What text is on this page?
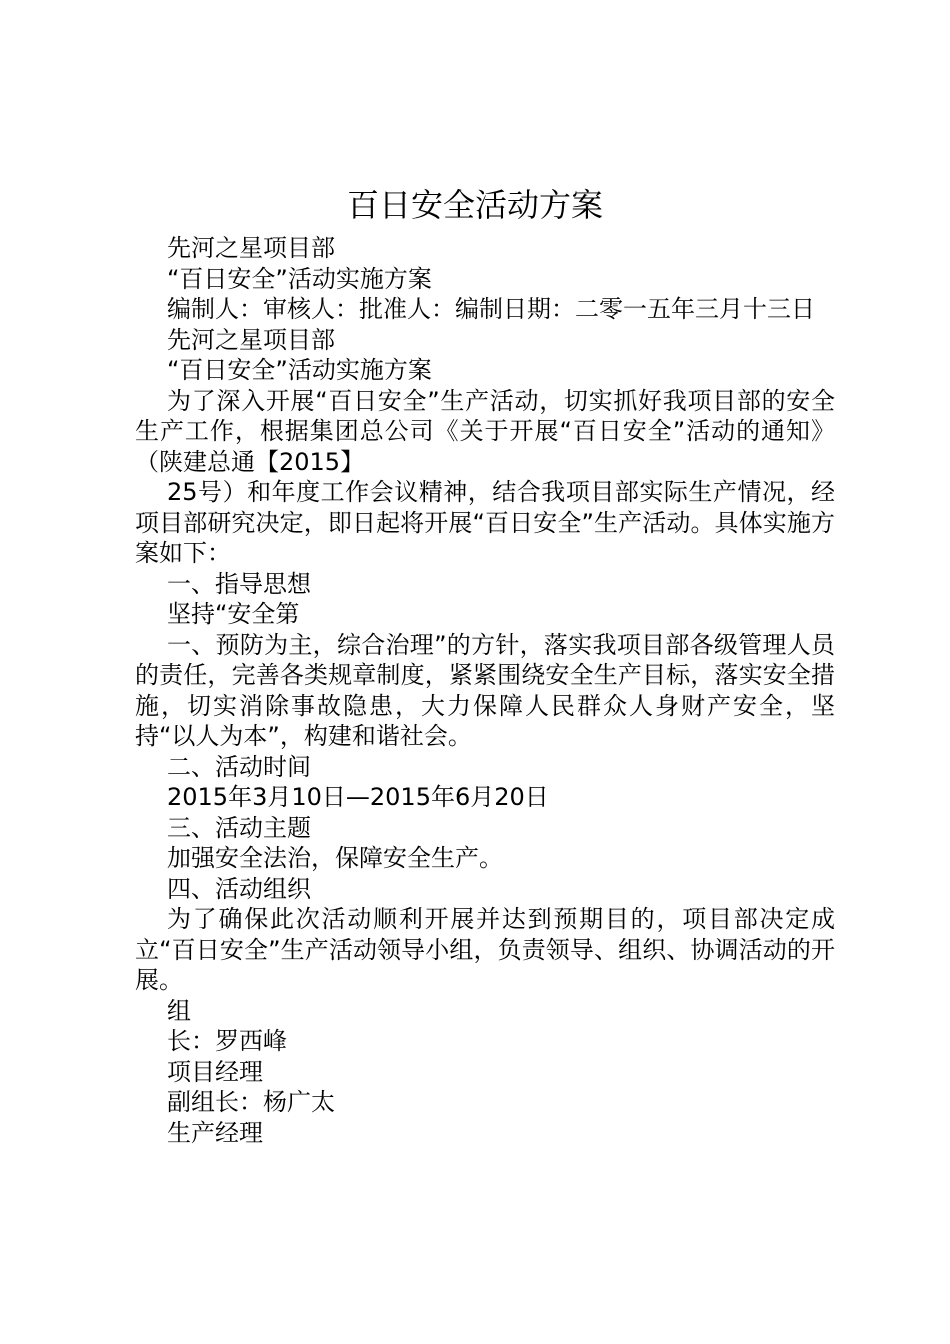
百日安全活动方案

先河之星项目部

“百日安全”活动实施方案

编制人：审核人：批准人：编制日期：二零一五年三月十三日

先河之星项目部

“百日安全”活动实施方案

为了深入开展“百日安全”生产活动，切实抓好我项目部的安全生产工作，根据集团总公司《关于开展“百日安全”活动的通知》（陕建总通【2015】

25号）和年度工作会议精神，结合我项目部实际生产情况，经项目部研究决定，即日起将开展“百日安全”生产活动。具体实施方案如下：

一、指导思想

坚持“安全第

一、预防为主，综合治理”的方针，落实我项目部各级管理人员的责任，完善各类规章制度，紧紧围绕安全生产目标，落实安全措施，切实消除事故隐患，大力保障人民群众人身财产安全，坚持“以人为本”，构建和谐社会。

二、活动时间

2015年3月10日—2015年6月20日

三、活动主题

加强安全法治，保障安全生产。

四、活动组织

为了确保此次活动顺利开展并达到预期目的，项目部决定成立“百日安全”生产活动领导小组，负责领导、组织、协调活动的开展。

组

长：罗西峰

项目经理

副组长：杨广太

生产经理
